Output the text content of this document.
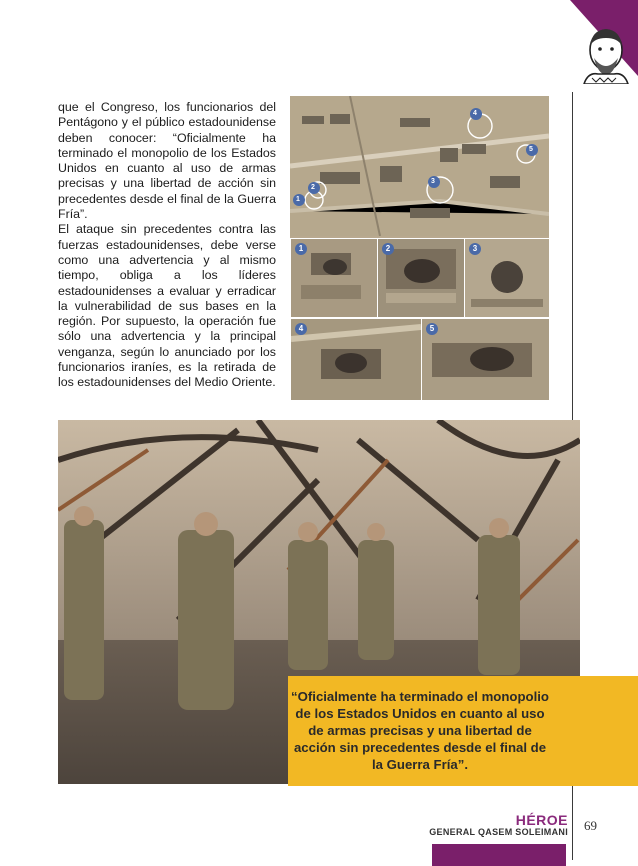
que el Congreso, los funcionarios del Pentágono y el público estadounidense deben conocer: “Oficialmente ha terminado el monopolio de los Estados Unidos en cuanto al uso de armas precisas y una libertad de acción sin precedentes desde el final de la Guerra Fría”.

El ataque sin precedentes contra las fuerzas estadounidenses, debe verse como una advertencia y al mismo tiempo, obliga a los líderes estadounidenses a evaluar y erradicar la vulnerabilidad de sus bases en la región. Por supuesto, la operación fue sólo una advertencia y la principal venganza, según lo anunciado por los funcionarios iraníes, es la retirada de los estadounidenses del Medio Oriente.

1
2
3
4
5
1	2	3
4	5
“Oficialmente ha terminado el monopolio de los Estados Unidos en cuanto al uso de armas precisas y una libertad de acción sin precedentes desde el final de la Guerra Fría”.
HÉROE
GENERAL QASEM SOLEIMANI 69
